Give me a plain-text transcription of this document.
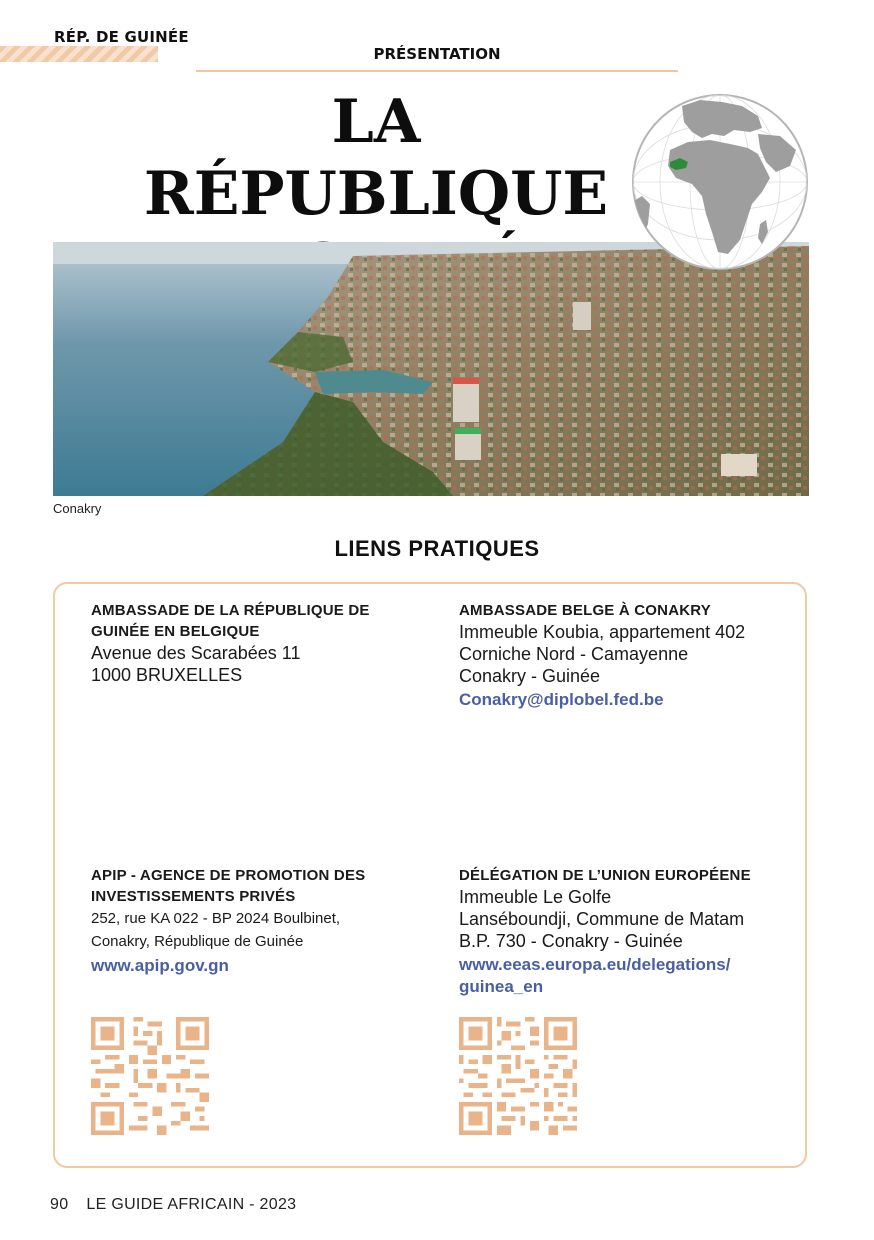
RÉP. DE GUINÉE
PRÉSENTATION
LA RÉPUBLIQUE
Conakry
LIENS PRATIQUES

AMBASSADE DE LA RÉPUBLIQUE DE

GUINÉE EN BELGIQUE

Avenue des Scarabées 11

1000 BRUXELLES

AMBASSADE BELGE À CONAKRY

Immeuble Koubia, appartement 402

Corniche Nord - Camayenne

Conakry - Guinée

Conakry@diplobel.fed.be

APIP - AGENCE DE PROMOTION DES

INVESTISSEMENTS PRIVÉS

252, rue KA 022 - BP 2024 Boulbinet,

Conakry, République de Guinée

www.apip.gov.gn

DÉLÉGATION DE L’UNION EUROPÉENE

Immeuble Le Golfe

Lanséboundji, Commune de Matam

B.P. 730 - Conakry - Guinée

www.eeas.europa.eu/delegations/

guinea_en

90 LE GUIDE AFRICAIN - 2023
